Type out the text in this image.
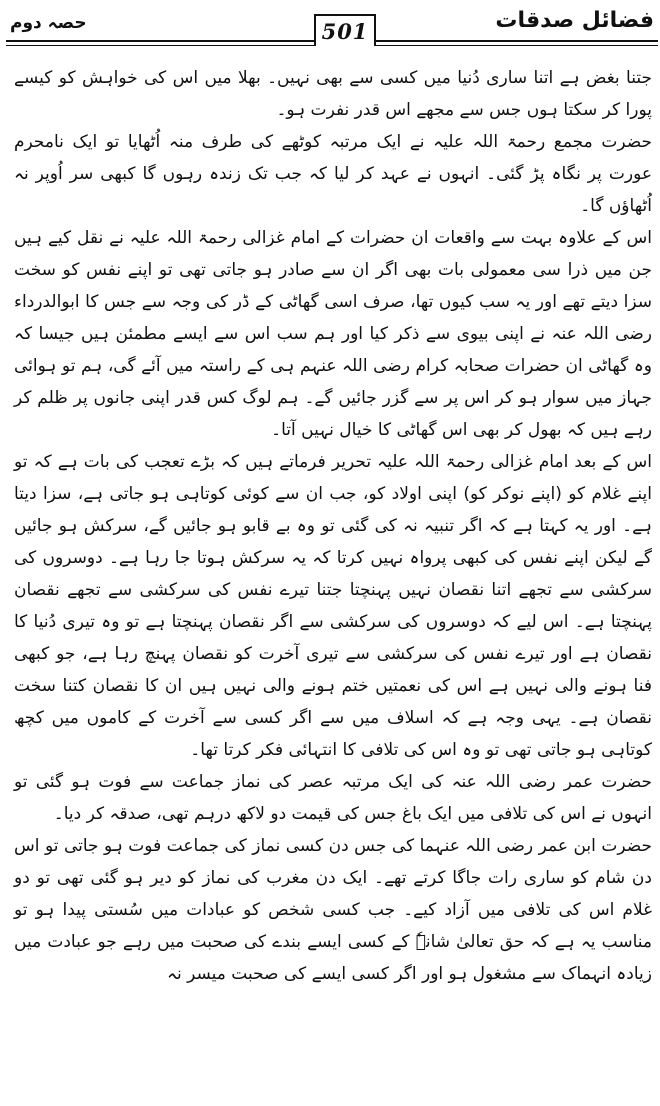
حصہ دوم	501	فضائل صدقات

جتنا بغض ہے اتنا ساری دُنیا میں کسی سے بھی نہیں۔ بھلا میں اس کی خواہش کو کیسے پورا کر سکتا ہوں جس سے مجھے اس قدر نفرت ہو۔

حضرت مجمع رحمۃ اللہ علیہ نے ایک مرتبہ کوٹھے کی طرف منہ اُٹھایا تو ایک نامحرم عورت پر نگاہ پڑ گئی۔ انہوں نے عہد کر لیا کہ جب تک زندہ رہوں گا کبھی سر اُوپر نہ اُٹھاؤں گا۔

اس کے علاوہ بہت سے واقعات ان حضرات کے امام غزالی رحمۃ اللہ علیہ نے نقل کیے ہیں جن میں ذرا سی معمولی بات بھی اگر ان سے صادر ہو جاتی تھی تو اپنے نفس کو سخت سزا دیتے تھے اور یہ سب کیوں تھا، صرف اسی گھاٹی کے ڈر کی وجہ سے جس کا ابوالدرداء رضی اللہ عنہ نے اپنی بیوی سے ذکر کیا اور ہم سب اس سے ایسے مطمئن ہیں جیسا کہ وہ گھاٹی ان حضرات صحابہ کرام رضی اللہ عنہم ہی کے راستہ میں آئے گی، ہم تو ہوائی جہاز میں سوار ہو کر اس پر سے گزر جائیں گے۔ ہم لوگ کس قدر اپنی جانوں پر ظلم کر رہے ہیں کہ بھول کر بھی اس گھاٹی کا خیال نہیں آتا۔

اس کے بعد امام غزالی رحمۃ اللہ علیہ تحریر فرماتے ہیں کہ بڑے تعجب کی بات ہے کہ تو اپنے غلام کو (اپنے نوکر کو) اپنی اولاد کو، جب ان سے کوئی کوتاہی ہو جاتی ہے، سزا دیتا ہے۔ اور یہ کہتا ہے کہ اگر تنبیہ نہ کی گئی تو وہ بے قابو ہو جائیں گے، سرکش ہو جائیں گے لیکن اپنے نفس کی کبھی پرواہ نہیں کرتا کہ یہ سرکش ہوتا جا رہا ہے۔ دوسروں کی سرکشی سے تجھے اتنا نقصان نہیں پہنچتا جتنا تیرے نفس کی سرکشی سے تجھے نقصان پہنچتا ہے۔ اس لیے کہ دوسروں کی سرکشی سے اگر نقصان پہنچتا ہے تو وہ تیری دُنیا کا نقصان ہے اور تیرے نفس کی سرکشی سے تیری آخرت کو نقصان پہنچ رہا ہے، جو کبھی فنا ہونے والی نہیں ہے اس کی نعمتیں ختم ہونے والی نہیں ہیں ان کا نقصان کتنا سخت نقصان ہے۔ یہی وجہ ہے کہ اسلاف میں سے اگر کسی سے آخرت کے کاموں میں کچھ کوتاہی ہو جاتی تھی تو وہ اس کی تلافی کا انتہائی فکر کرتا تھا۔

حضرت عمر رضی اللہ عنہ کی ایک مرتبہ عصر کی نماز جماعت سے فوت ہو گئی تو انہوں نے اس کی تلافی میں ایک باغ جس کی قیمت دو لاکھ درہم تھی، صدقہ کر دیا۔

حضرت ابن عمر رضی اللہ عنہما کی جس دن کسی نماز کی جماعت فوت ہو جاتی تو اس دن شام کو ساری رات جاگا کرتے تھے۔ ایک دن مغرب کی نماز کو دیر ہو گئی تھی تو دو غلام اس کی تلافی میں آزاد کیے۔ جب کسی شخص کو عبادات میں سُستی پیدا ہو تو مناسب یہ ہے کہ حق تعالیٰ شانہٗ کے کسی ایسے بندے کی صحبت میں رہے جو عبادت میں زیادہ انہماک سے مشغول ہو اور اگر کسی ایسے کی صحبت میسر نہ
